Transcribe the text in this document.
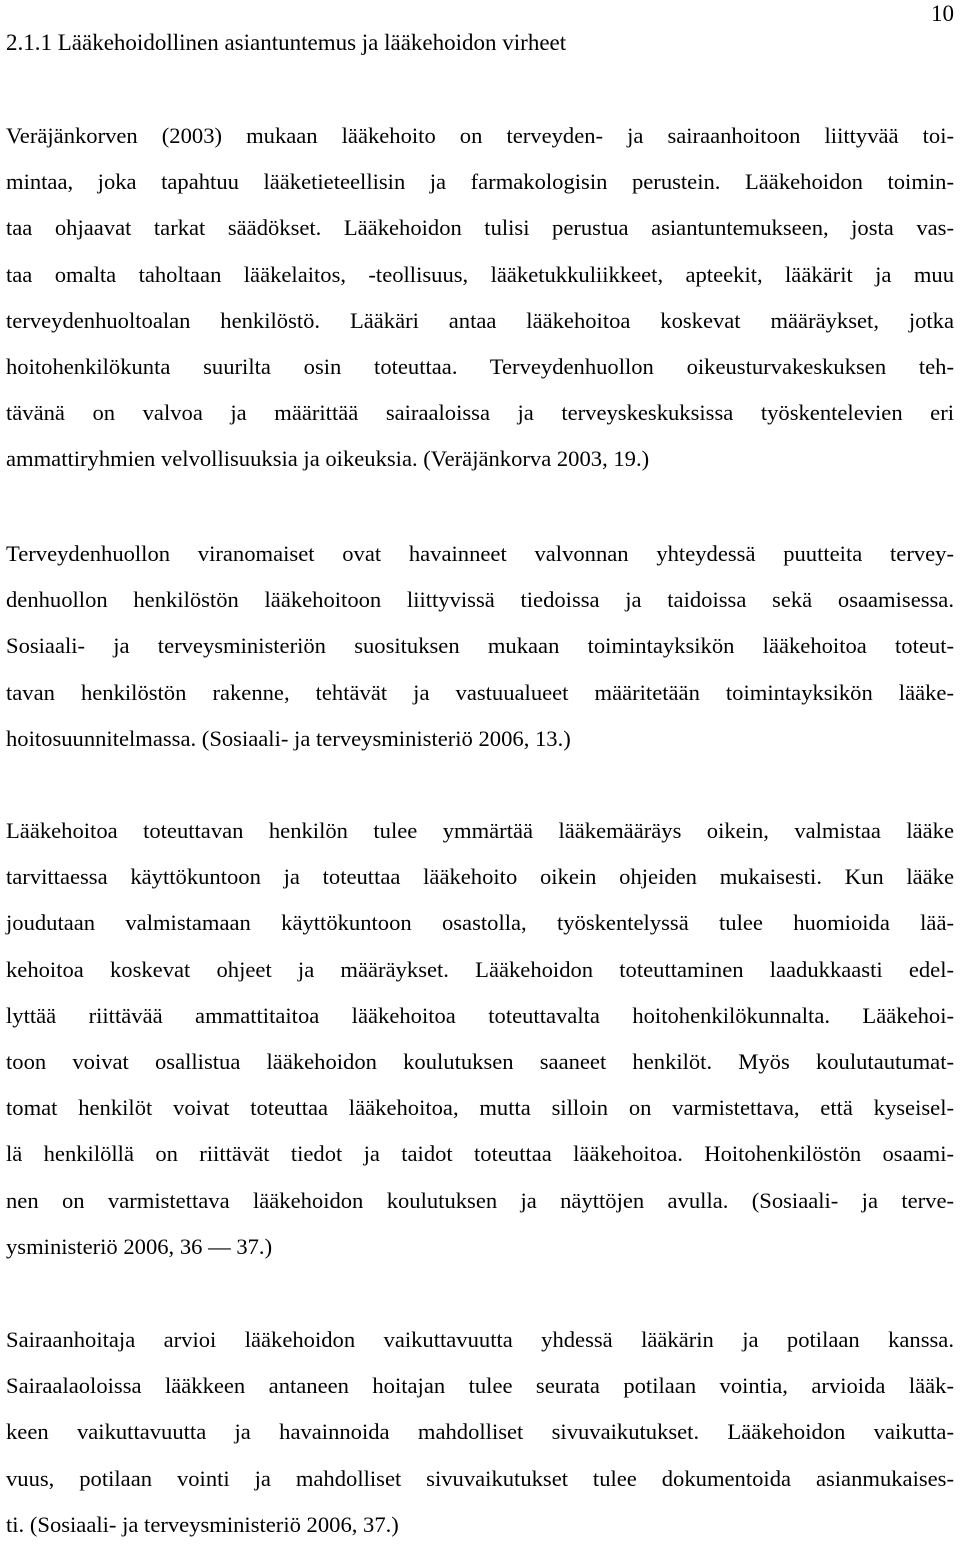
10
2.1.1 Lääkehoidollinen asiantuntemus ja lääkehoidon virheet
Veräjänkorven (2003) mukaan lääkehoito on terveyden- ja sairaanhoitoon liittyvää toi-
mintaa, joka tapahtuu lääketieteellisin ja farmakologisin perustein. Lääkehoidon toimin-
taa ohjaavat tarkat säädökset. Lääkehoidon tulisi perustua asiantuntemukseen, josta vas-
taa omalta taholtaan lääkelaitos, -teollisuus, lääketukkuliikkeet, apteekit, lääkärit ja muu
terveydenhuoltoalan henkilöstö. Lääkäri antaa lääkehoitoa koskevat määräykset, jotka
hoitohenkilökunta suurilta osin toteuttaa. Terveydenhuollon oikeusturvakeskuksen teh-
tävänä on valvoa ja määrittää sairaaloissa ja terveyskeskuksissa työskentelevien eri
ammattiryhmien velvollisuuksia ja oikeuksia. (Veräjänkorva 2003, 19.)
Terveydenhuollon viranomaiset ovat havainneet valvonnan yhteydessä puutteita tervey-
denhuollon henkilöstön lääkehoitoon liittyvissä tiedoissa ja taidoissa sekä osaamisessa.
Sosiaali- ja terveysministeriön suosituksen mukaan toimintayksikön lääkehoitoa toteut-
tavan henkilöstön rakenne, tehtävät ja vastuualueet määritetään toimintayksikön lääke-
hoitosuunnitelmassa. (Sosiaali- ja terveysministeriö 2006, 13.)
Lääkehoitoa toteuttavan henkilön tulee ymmärtää lääkemääräys oikein, valmistaa lääke
tarvittaessa käyttökuntoon ja toteuttaa lääkehoito oikein ohjeiden mukaisesti. Kun lääke
joudutaan valmistamaan käyttökuntoon osastolla, työskentelyssä tulee huomioida lää-
kehoitoa koskevat ohjeet ja määräykset. Lääkehoidon toteuttaminen laadukkaasti edel-
lyttää riittävää ammattitaitoa lääkehoitoa toteuttavalta hoitohenkilökunnalta. Lääkehoi-
toon voivat osallistua lääkehoidon koulutuksen saaneet henkilöt. Myös koulutautumat-
tomat henkilöt voivat toteuttaa lääkehoitoa, mutta silloin on varmistettava, että kyseisel-
lä henkilöllä on riittävät tiedot ja taidot toteuttaa lääkehoitoa. Hoitohenkilöstön osaami-
nen on varmistettava lääkehoidon koulutuksen ja näyttöjen avulla. (Sosiaali- ja terve-
ysministeriö 2006, 36 — 37.)
Sairaanhoitaja arvioi lääkehoidon vaikuttavuutta yhdessä lääkärin ja potilaan kanssa.
Sairaalaoloissa lääkkeen antaneen hoitajan tulee seurata potilaan vointia, arvioida lääk-
keen vaikuttavuutta ja havainnoida mahdolliset sivuvaikutukset. Lääkehoidon vaikutta-
vuus, potilaan vointi ja mahdolliset sivuvaikutukset tulee dokumentoida asianmukaises-
ti. (Sosiaali- ja terveysministeriö 2006, 37.)
